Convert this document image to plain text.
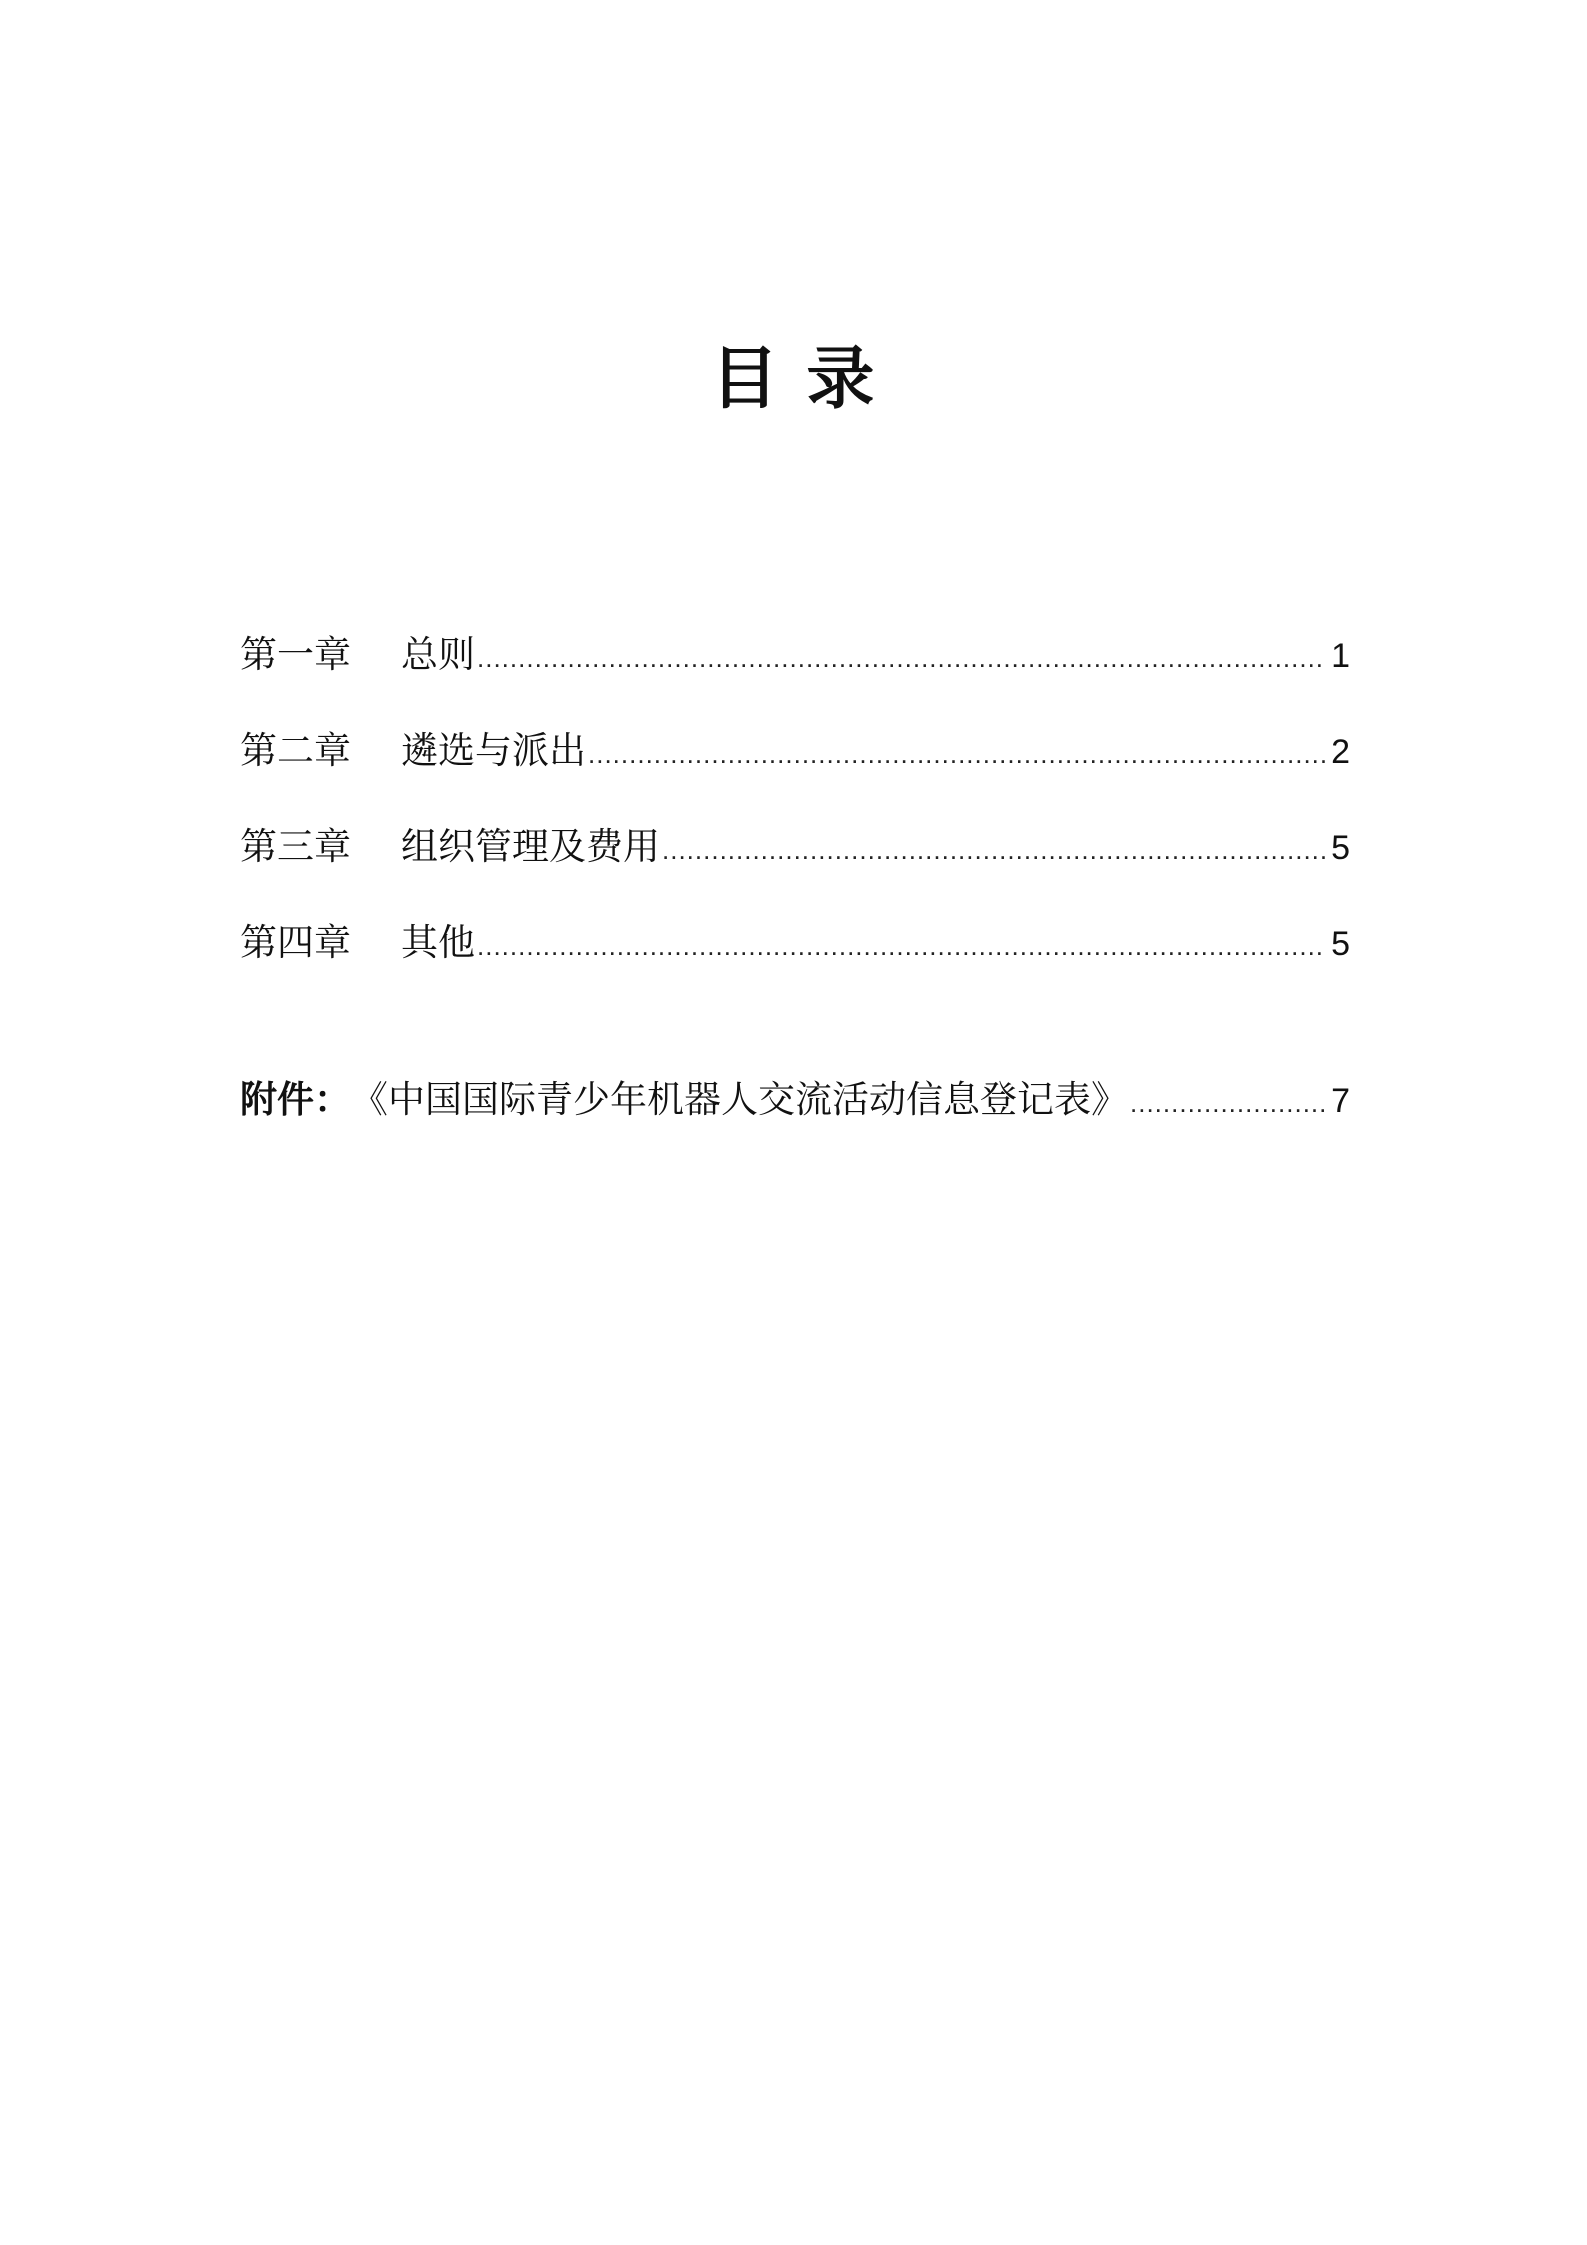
目 录
第一章 总则 .....	1
第二章 遴选与派出 .....	2
第三章 组织管理及费用 .....	5
第四章 其他 .....	5
附件： 《中国国际青少年机器人交流活动信息登记表》 .....	7
